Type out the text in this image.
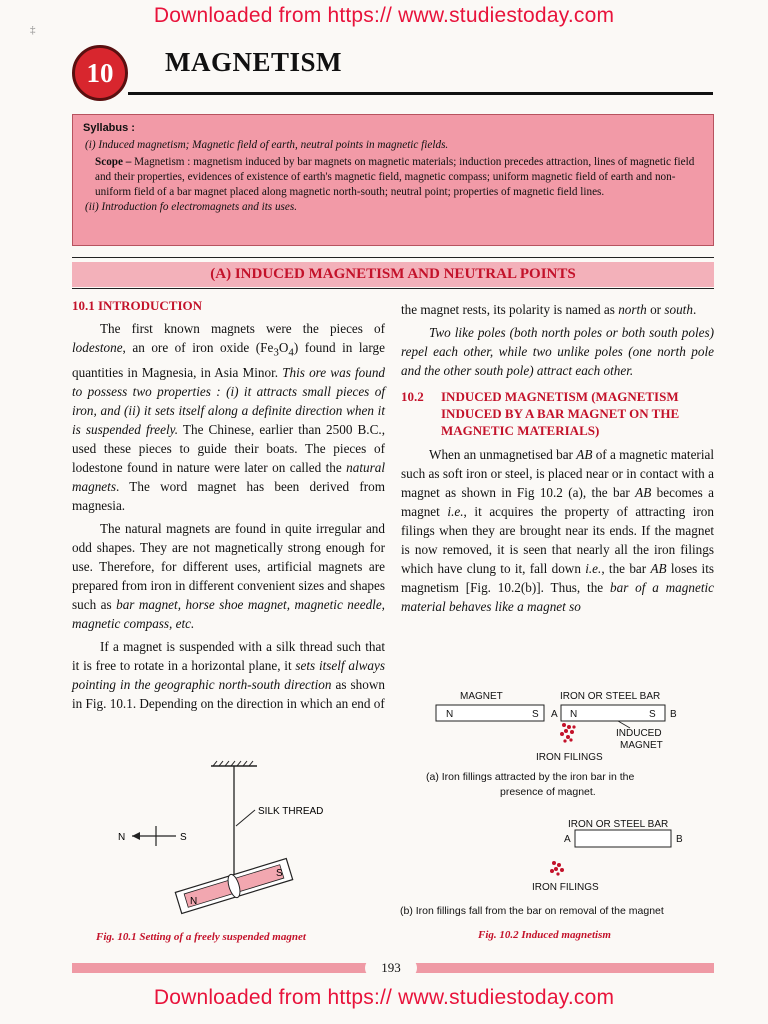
Downloaded from https:// www.studiestoday.com
‡
10 MAGNETISM
Syllabus :
(i) Induced magnetism; Magnetic field of earth, neutral points in magnetic fields.
Scope – Magnetism : magnetism induced by bar magnets on magnetic materials; induction precedes attraction, lines of magnetic field and their properties, evidences of existence of earth's magnetic field, magnetic compass; uniform magnetic field of earth and non-uniform field of a bar magnet placed along magnetic north-south; neutral point; properties of magnetic field lines.
(ii) Introduction fo electromagnets and its uses.
(A) INDUCED MAGNETISM AND NEUTRAL POINTS

10.1 INTRODUCTION

The first known magnets were the pieces of lodestone, an ore of iron oxide $(Fe_3O_4)$ found in large quantities in Magnesia, in Asia Minor. This ore was found to possess two properties : (i) it attracts small pieces of iron, and (ii) it sets itself along a definite direction when it is suspended freely. The Chinese, earlier than 2500 B.C., used these pieces to guide their boats. The pieces of lodestone found in nature were later on called the natural magnets. The word magnet has been derived from magnesia.

The natural magnets are found in quite irregular and odd shapes. They are not magnetically strong enough for use. Therefore, for different uses, artificial magnets are prepared from iron in different convenient sizes and shapes such as bar magnet, horse shoe magnet, magnetic needle, magnetic compass, etc.

If a magnet is suspended with a silk thread such that it is free to rotate in a horizontal plane, it sets itself always pointing in the geographic north-south direction as shown in Fig. 10.1. Depending on the direction in which an end of

SILK THREAD
N	S
N
S
Fig. 10.1 Setting of a freely suspended magnet

the magnet rests, its polarity is named as north or south.

Two like poles (both north poles or both south poles) repel each other, while two unlike poles (one north pole and the other south pole) attract each other.

10.2	INDUCED MAGNETISM (MAGNETISM INDUCED BY A BAR MAGNET ON THE MAGNETIC MATERIALS)

When an unmagnetised bar AB of a magnetic material such as soft iron or steel, is placed near or in contact with a magnet as shown in Fig 10.2 (a), the bar AB becomes a magnet i.e., it acquires the property of attracting iron filings when they are brought near its ends. If the magnet is now removed, it is seen that nearly all the iron filings which have clung to it, fall down i.e., the bar AB loses its magnetism [Fig. 10.2(b)]. Thus, the bar of a magnetic material behaves like a magnet so

MAGNET	IRON OR STEEL BAR
N	S A N	S B
INDUCED
MAGNET
IRON FILINGS
(a) Iron fillings attracted by the iron bar in the
presence of magnet.
IRON OR STEEL BAR
A	B
IRON FILINGS
(b) Iron fillings fall from the bar on removal of the magnet
Fig. 10.2 Induced magnetism
193
Downloaded from https:// www.studiestoday.com
